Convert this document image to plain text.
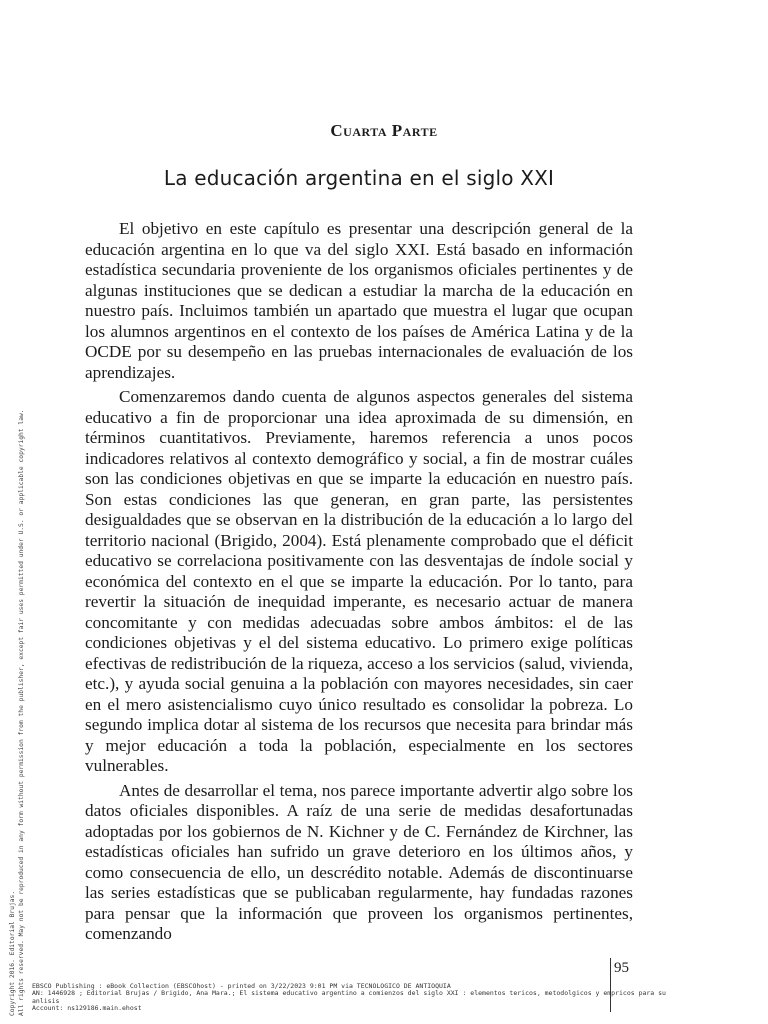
Cuarta Parte
La educación argentina en el siglo XXI

El objetivo en este capítulo es presentar una descripción general de la educación argentina en lo que va del siglo XXI. Está basado en información estadística secundaria proveniente de los organismos oficiales pertinentes y de algunas instituciones que se dedican a estudiar la marcha de la educación en nuestro país. Incluimos también un apartado que muestra el lugar que ocupan los alumnos argentinos en el contexto de los países de América Latina y de la OCDE por su desempeño en las pruebas internacionales de evaluación de los aprendizajes.

Comenzaremos dando cuenta de algunos aspectos generales del sistema educativo a fin de proporcionar una idea aproximada de su dimensión, en términos cuantitativos. Previamente, haremos referencia a unos pocos indicadores relativos al contexto demográfico y social, a fin de mostrar cuáles son las condiciones objetivas en que se imparte la educación en nuestro país. Son estas condiciones las que generan, en gran parte, las persistentes desigualdades que se observan en la distribución de la educación a lo largo del territorio nacional (Brigido, 2004). Está plenamente comprobado que el déficit educativo se correlaciona positivamente con las desventajas de índole social y económica del contexto en el que se imparte la educación. Por lo tanto, para revertir la situación de inequidad imperante, es necesario actuar de manera concomitante y con medidas adecuadas sobre ambos ámbitos: el de las condiciones objetivas y el del sistema educativo. Lo primero exige políticas efectivas de redistribución de la riqueza, acceso a los servicios (salud, vivienda, etc.), y ayuda social genuina a la población con mayores necesidades, sin caer en el mero asistencialismo cuyo único resultado es consolidar la pobreza. Lo segundo implica dotar al sistema de los recursos que necesita para brindar más y mejor educación a toda la población, especialmente en los sectores vulnerables.

Antes de desarrollar el tema, nos parece importante advertir algo sobre los datos oficiales disponibles. A raíz de una serie de medidas desafortunadas adoptadas por los gobiernos de N. Kichner y de C. Fernández de Kirchner, las estadísticas oficiales han sufrido un grave deterioro en los últimos años, y como consecuencia de ello, un descrédito notable. Además de discontinuarse las series estadísticas que se publicaban regularmente, hay fundadas razones para pensar que la información que proveen los organismos pertinentes, comenzando

Copyright 2016. Editorial Brujas. All rights reserved. May not be reproduced in any form without permission from the publisher, except fair uses permitted under U.S. or applicable copyright law.	95
EBSCO Publishing : eBook Collection (EBSCOhost) - printed on 3/22/2023 9:01 PM via TECNOLOGICO DE ANTIOQUIA
AN: 1446928 ; Editorial Brujas / Brigido, Ana Mara.; El sistema educativo argentino a comienzos del siglo XXI : elementos tericos, metodolgicos y empricos para su
anlisis
Account: ns129186.main.ehost
